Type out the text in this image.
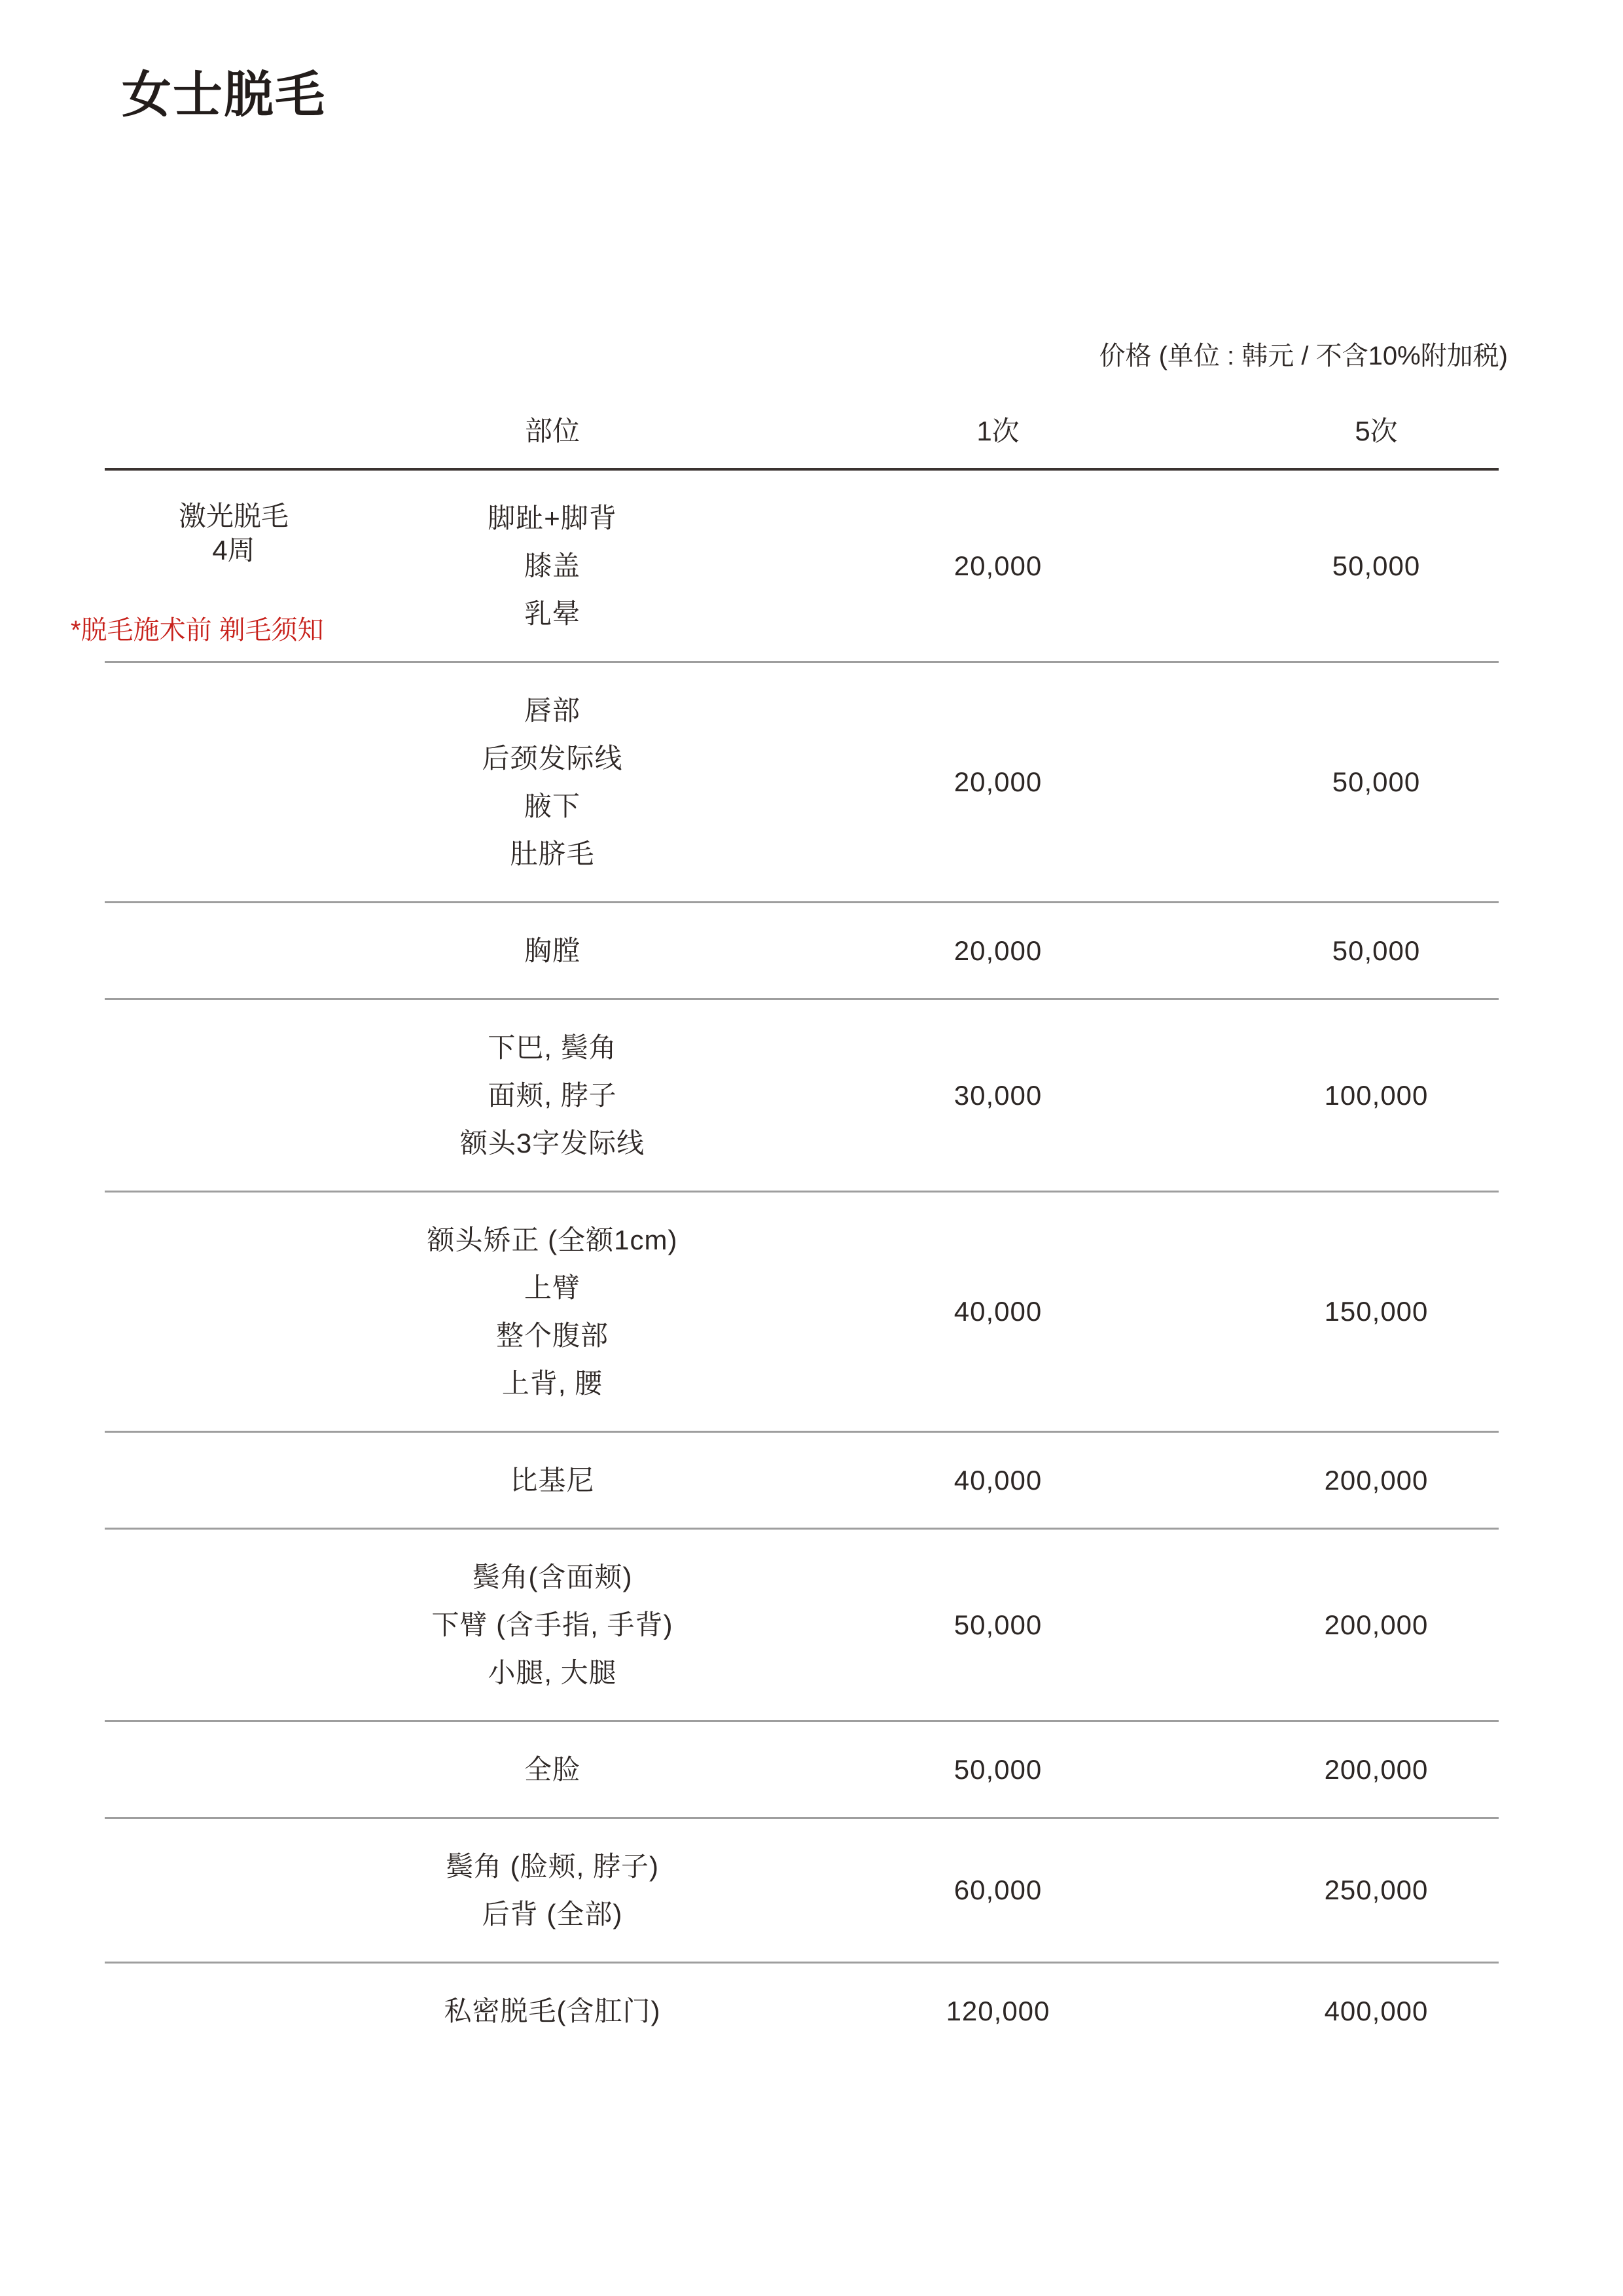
女士脱毛
价格 (单位 : 韩元 / 不含10%附加税)
部位	1次	5次
激光脱毛
4周
*脱毛施术前 剃毛须知
脚趾+脚背
膝盖
乳晕
20,000	50,000
唇部
后颈发际线
腋下
肚脐毛
20,000	50,000
胸膛	20,000	50,000
下巴, 鬓角
面颊, 脖子
额头3字发际线
30,000	100,000
额头矫正 (全额1cm)
上臂
整个腹部
上背, 腰
40,000	150,000
比基尼	40,000	200,000
鬓角(含面颊)
下臂 (含手指, 手背)
小腿, 大腿
50,000	200,000
全脸	50,000	200,000
鬓角 (脸颊, 脖子)
后背 (全部)
60,000	250,000
私密脱毛(含肛门)	120,000	400,000
